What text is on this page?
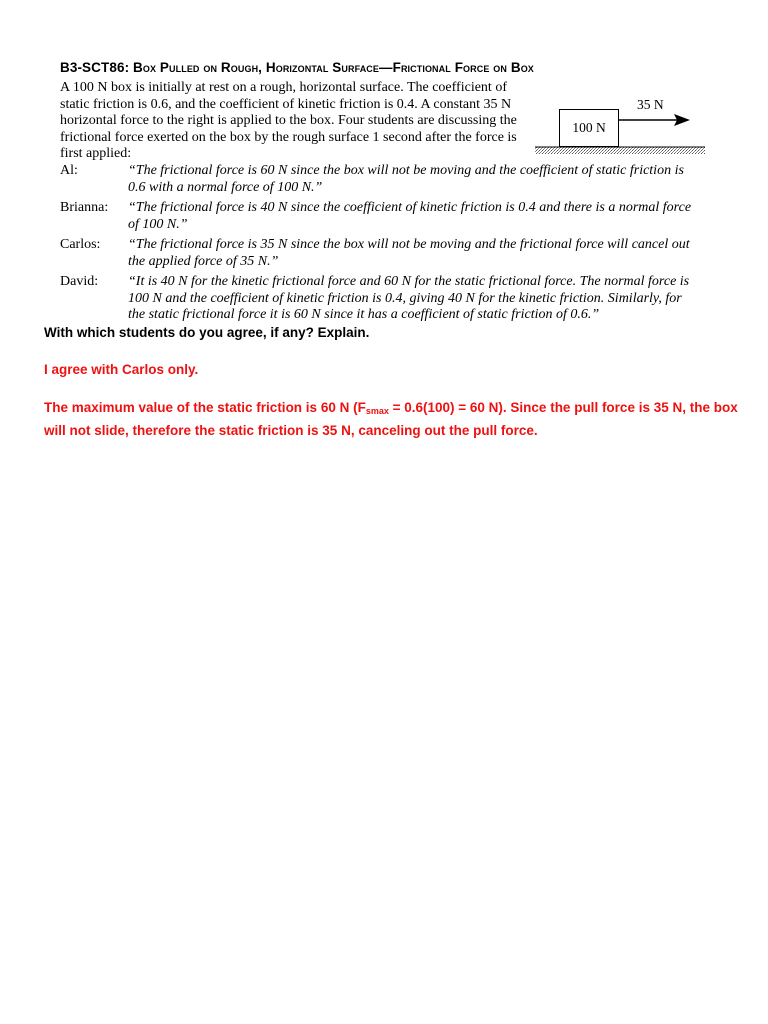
B3-SCT86: Box Pulled on Rough, Horizontal Surface—Frictional Force on Box
A 100 N box is initially at rest on a rough, horizontal surface. The coefficient of static friction is 0.6, and the coefficient of kinetic friction is 0.4. A constant 35 N horizontal force to the right is applied to the box. Four students are discussing the frictional force exerted on the box by the rough surface 1 second after the force is first applied:
100 N
35 N
Al:	“The frictional force is 60 N since the box will not be moving and the coefficient of static friction is 0.6 with a normal force of 100 N.”
Brianna:	“The frictional force is 40 N since the coefficient of kinetic friction is 0.4 and there is a normal force of 100 N.”
Carlos:	“The frictional force is 35 N since the box will not be moving and the frictional force will cancel out the applied force of 35 N.”
David:	“It is 40 N for the kinetic frictional force and 60 N for the static frictional force. The normal force is 100 N and the coefficient of kinetic friction is 0.4, giving 40 N for the kinetic friction. Similarly, for the static frictional force it is 60 N since it has a coefficient of static friction of 0.6.”
With which students do you agree, if any? Explain.
I agree with Carlos only.
The maximum value of the static friction is 60 N ($F_{smax} = 0.6(100) = 60$ N). Since the pull force is 35 N, the box will not slide, therefore the static friction is 35 N, canceling out the pull force.
